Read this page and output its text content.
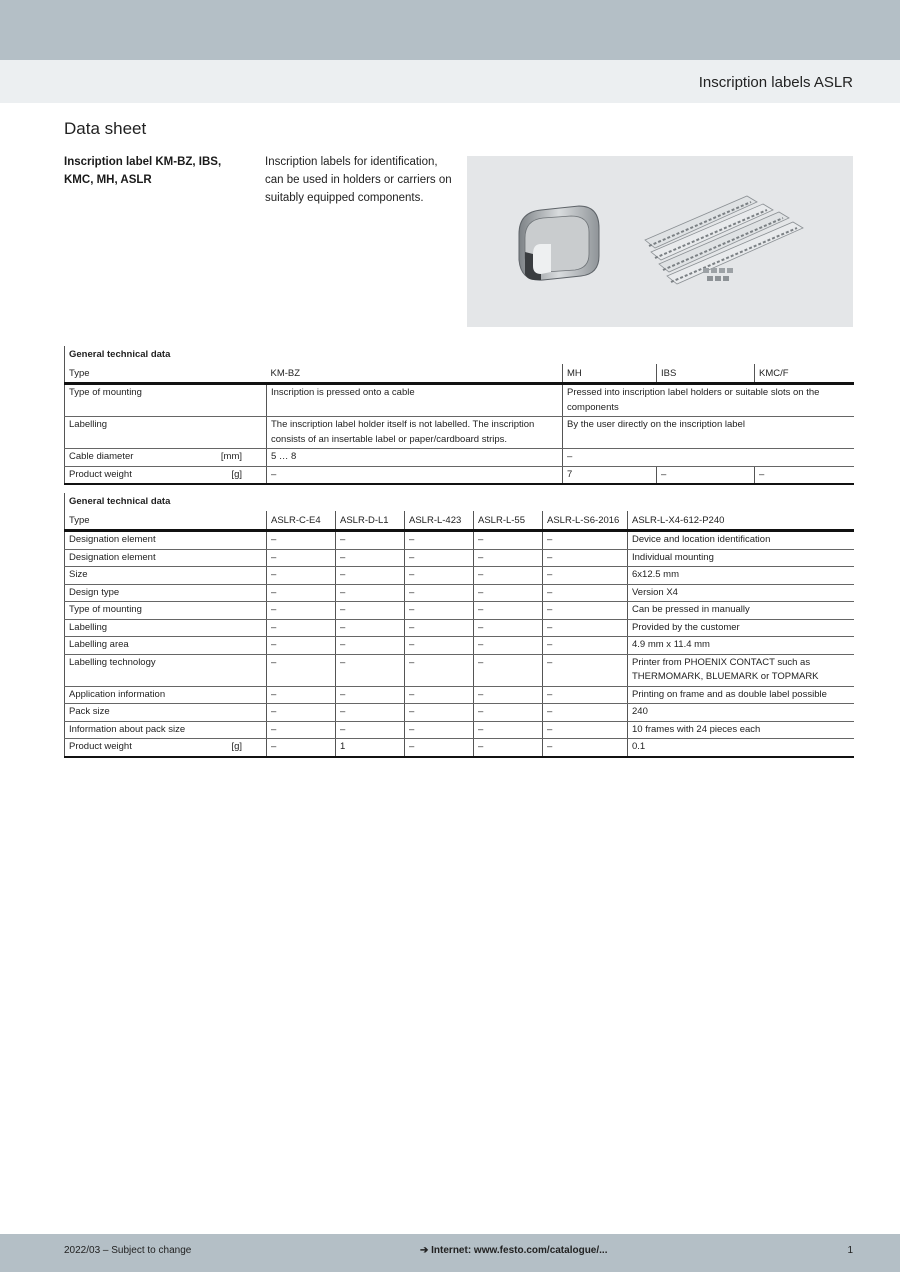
Inscription labels ASLR
Data sheet
Inscription label KM-BZ, IBS, KMC, MH, ASLR
Inscription labels for identification, can be used in holders or carriers on suitably equipped components.
General technical data				
Type	KM-BZ	MH	IBS	KMC/F
Type of mounting	Inscription is pressed onto a cable	Pressed into inscription label holders or suitable slots on the components		
Labelling	The inscription label holder itself is not labelled. The inscription consists of an insertable label or paper/cardboard strips.	By the user directly on the inscription label		
Cable diameter [mm]	5 … 8	–		
Product weight [g]	–	7	–	–
General technical data						
Type	ASLR-C-E4	ASLR-D-L1	ASLR-L-423	ASLR-L-55	ASLR-L-S6-2016	ASLR-L-X4-612-P240
Designation element	–	–	–	–	–	Device and location identification
Designation element	–	–	–	–	–	Individual mounting
Size	–	–	–	–	–	6x12.5 mm
Design type	–	–	–	–	–	Version X4
Type of mounting	–	–	–	–	–	Can be pressed in manually
Labelling	–	–	–	–	–	Provided by the customer
Labelling area	–	–	–	–	–	4.9 mm x 11.4 mm
Labelling technology	–	–	–	–	–	Printer from PHOENIX CONTACT such as THERMOMARK, BLUEMARK or TOPMARK
Application information	–	–	–	–	–	Printing on frame and as double label possible
Pack size	–	–	–	–	–	240
Information about pack size	–	–	–	–	–	10 frames with 24 pieces each
Product weight [g]	–	1	–	–	–	0.1
2022/03 – Subject to change	➔ Internet: www.festo.com/catalogue/...	1
